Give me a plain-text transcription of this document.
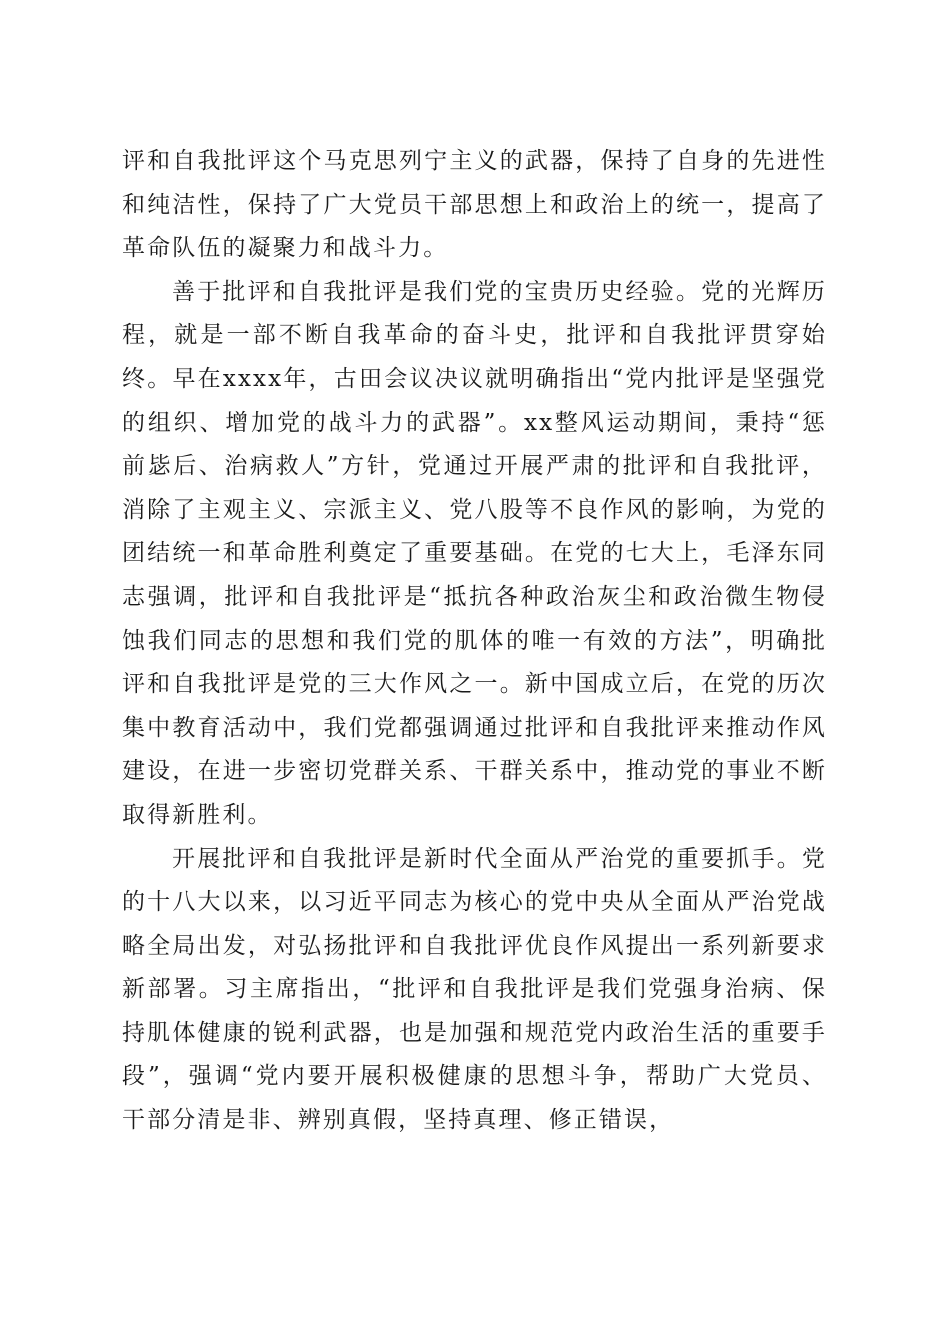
评和自我批评这个马克思列宁主义的武器，保持了自身的先进性和纯洁性，保持了广大党员干部思想上和政治上的统一，提高了革命队伍的凝聚力和战斗力。

善于批评和自我批评是我们党的宝贵历史经验。党的光辉历程，就是一部不断自我革命的奋斗史，批评和自我批评贯穿始终。早在xxxx年，古田会议决议就明确指出“党内批评是坚强党的组织、增加党的战斗力的武器”。xx整风运动期间，秉持“惩前毖后、治病救人”方针，党通过开展严肃的批评和自我批评，消除了主观主义、宗派主义、党八股等不良作风的影响，为党的团结统一和革命胜利奠定了重要基础。在党的七大上，毛泽东同志强调，批评和自我批评是“抵抗各种政治灰尘和政治微生物侵蚀我们同志的思想和我们党的肌体的唯一有效的方法”，明确批评和自我批评是党的三大作风之一。新中国成立后，在党的历次集中教育活动中，我们党都强调通过批评和自我批评来推动作风建设，在进一步密切党群关系、干群关系中，推动党的事业不断取得新胜利。

开展批评和自我批评是新时代全面从严治党的重要抓手。党的十八大以来，以习近平同志为核心的党中央从全面从严治党战略全局出发，对弘扬批评和自我批评优良作风提出一系列新要求新部署。习主席指出，“批评和自我批评是我们党强身治病、保持肌体健康的锐利武器，也是加强和规范党内政治生活的重要手段”，强调“党内要开展积极健康的思想斗争，帮助广大党员、干部分清是非、辨别真假，坚持真理、修正错误，
